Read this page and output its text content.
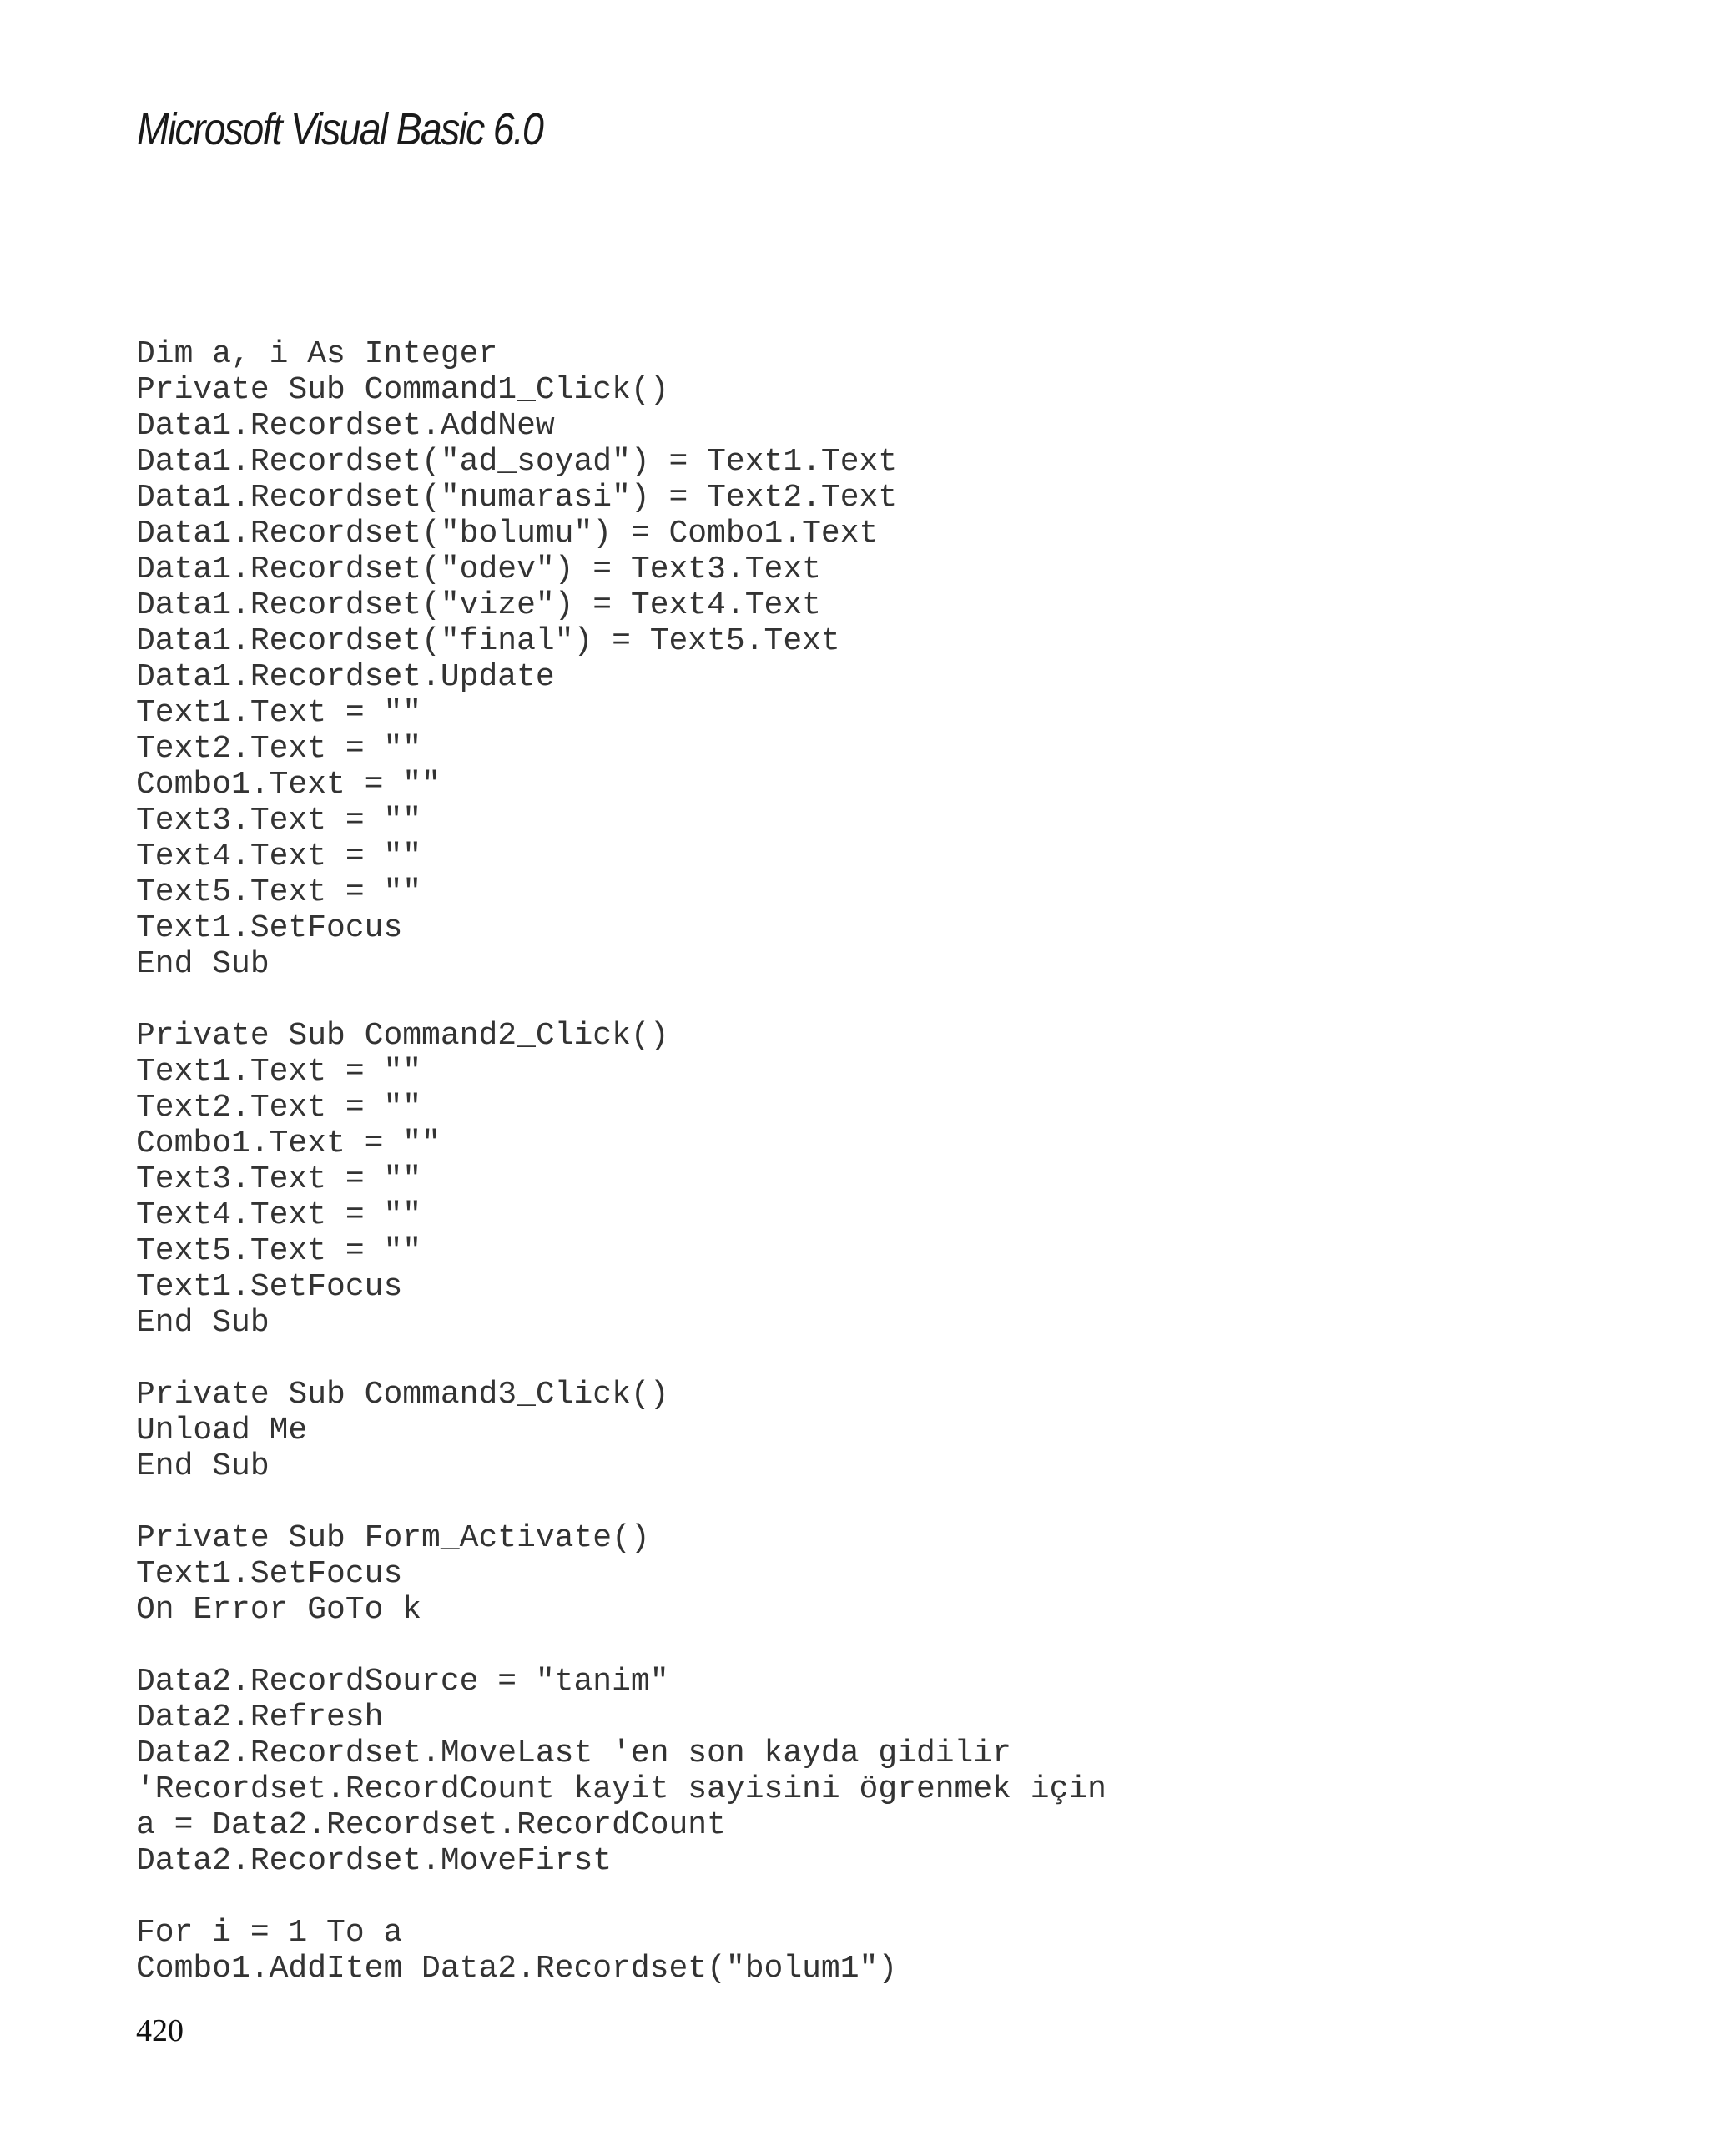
Microsoft Visual Basic 6.0
Dim a, i As Integer
Private Sub Command1_Click()
Data1.Recordset.AddNew
Data1.Recordset("ad_soyad") = Text1.Text
Data1.Recordset("numarasi") = Text2.Text
Data1.Recordset("bolumu") = Combo1.Text
Data1.Recordset("odev") = Text3.Text
Data1.Recordset("vize") = Text4.Text
Data1.Recordset("final") = Text5.Text
Data1.Recordset.Update
Text1.Text = ""
Text2.Text = ""
Combo1.Text = ""
Text3.Text = ""
Text4.Text = ""
Text5.Text = ""
Text1.SetFocus
End Sub
Private Sub Command2_Click()
Text1.Text = ""
Text2.Text = ""
Combo1.Text = ""
Text3.Text = ""
Text4.Text = ""
Text5.Text = ""
Text1.SetFocus
End Sub
Private Sub Command3_Click()
Unload Me
End Sub
Private Sub Form_Activate()
Text1.SetFocus
On Error GoTo k
Data2.RecordSource = "tanim"
Data2.Refresh
Data2.Recordset.MoveLast 'en son kayda gidilir
'Recordset.RecordCount kayit sayisini ögrenmek için
a = Data2.Recordset.RecordCount
Data2.Recordset.MoveFirst
For i = 1 To a
Combo1.AddItem Data2.Recordset("bolum1")
420
